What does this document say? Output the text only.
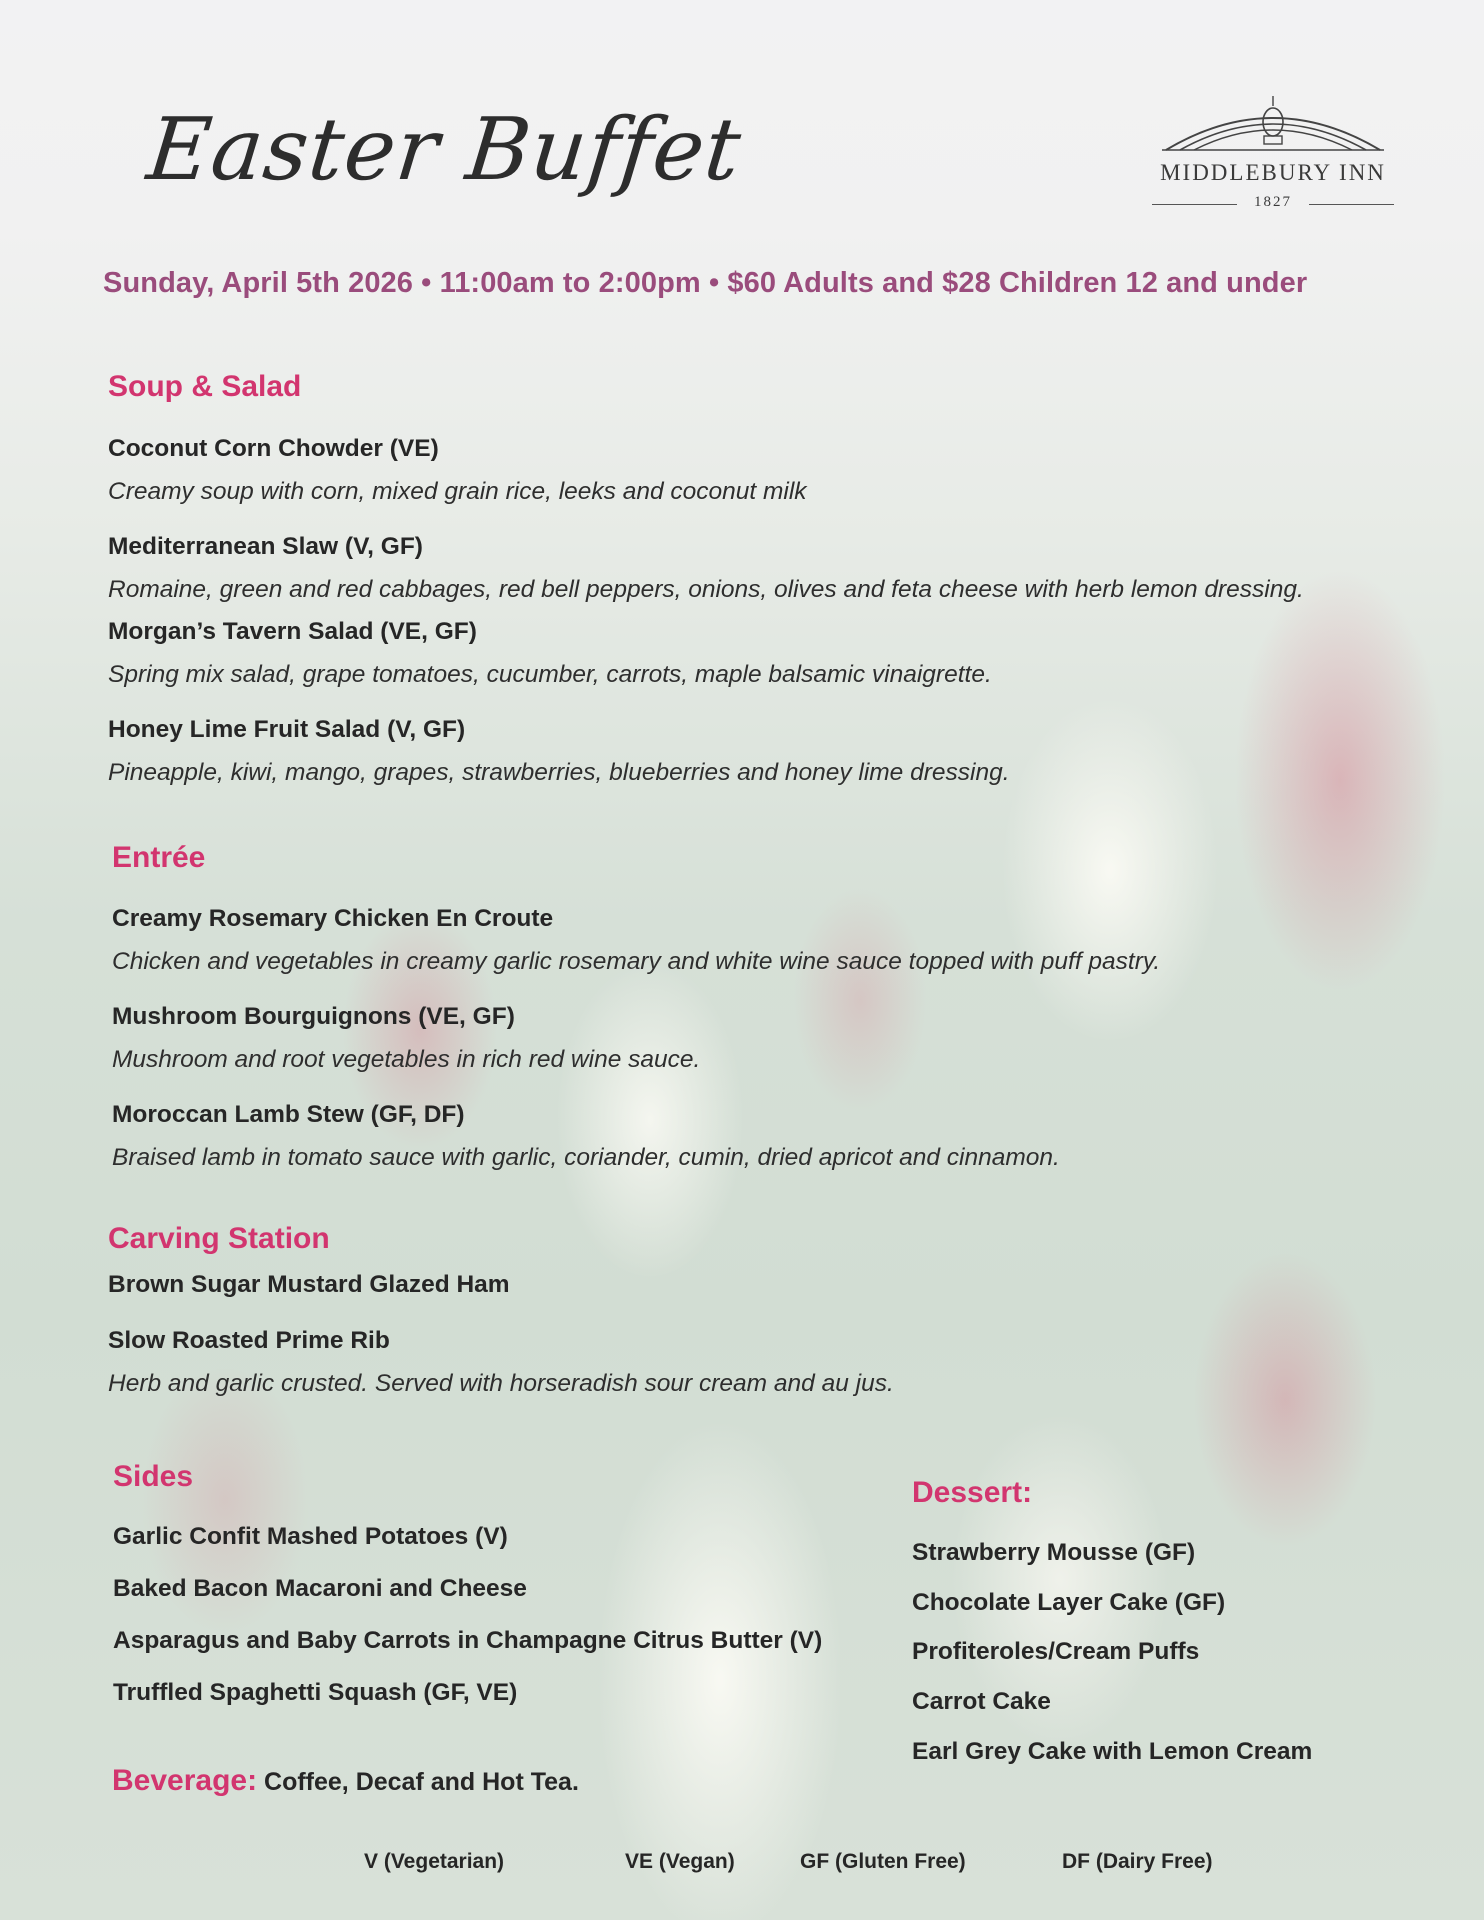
Easter Buffet	MIDDLEBURY INN
1827
Sunday, April 5th 2026 • 11:00am to 2:00pm • $60 Adults and $28 Children 12 and under
Soup & Salad
Coconut Corn Chowder (VE)
Creamy soup with corn, mixed grain rice, leeks and coconut milk
Mediterranean Slaw (V, GF)
Romaine, green and red cabbages, red bell peppers, onions, olives and feta cheese with herb lemon dressing.
Morgan’s Tavern Salad (VE, GF)
Spring mix salad, grape tomatoes, cucumber, carrots, maple balsamic vinaigrette.
Honey Lime Fruit Salad (V, GF)
Pineapple, kiwi, mango, grapes, strawberries, blueberries and honey lime dressing.
Entrée
Creamy Rosemary Chicken En Croute
Chicken and vegetables in creamy garlic rosemary and white wine sauce topped with puff pastry.
Mushroom Bourguignons (VE, GF)
Mushroom and root vegetables in rich red wine sauce.
Moroccan Lamb Stew (GF, DF)
Braised lamb in tomato sauce with garlic, coriander, cumin, dried apricot and cinnamon.
Carving Station
Brown Sugar Mustard Glazed Ham
Slow Roasted Prime Rib
Herb and garlic crusted. Served with horseradish sour cream and au jus.
Sides
Garlic Confit Mashed Potatoes (V)
Baked Bacon Macaroni and Cheese
Asparagus and Baby Carrots in Champagne Citrus Butter (V)
Truffled Spaghetti Squash (GF, VE)
Dessert:
Strawberry Mousse (GF)
Chocolate Layer Cake (GF)
Profiteroles/Cream Puffs
Carrot Cake
Earl Grey Cake with Lemon Cream
Beverage: Coffee, Decaf and Hot Tea.
V (Vegetarian)	VE (Vegan)	GF (Gluten Free)	DF (Dairy Free)
